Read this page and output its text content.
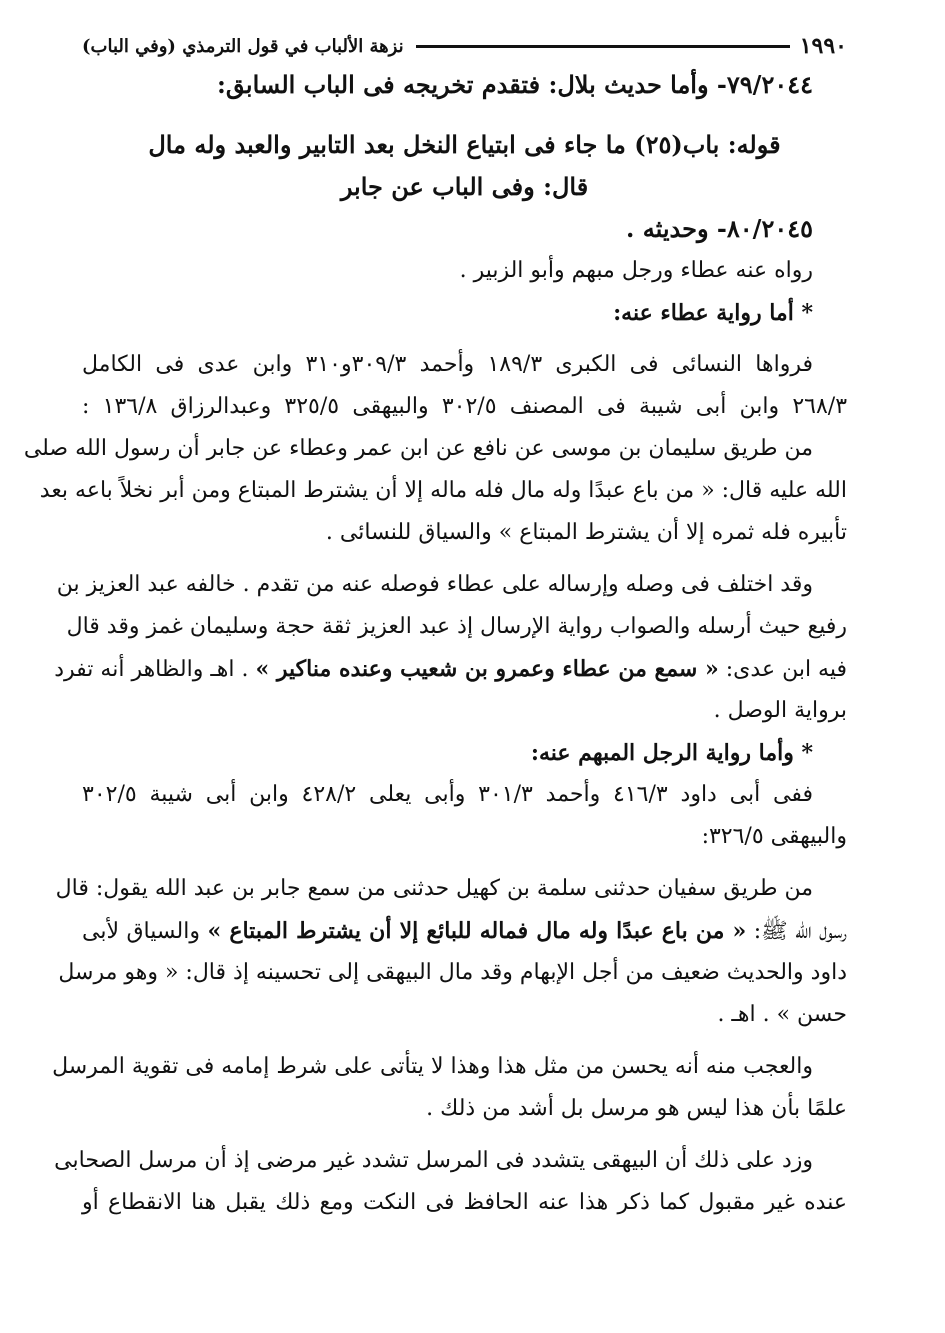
١٩٩٠
نزهة الألباب في قول الترمذي (وفي الباب)
٧٩/٢٠٤٤- وأما حديث بلال: فتقدم تخريجه فى الباب السابق:
قوله: باب(٢٥) ما جاء فى ابتياع النخل بعد التابير والعبد وله مال
قال: وفى الباب عن جابر
٨٠/٢٠٤٥- وحديثه .
رواه عنه عطاء ورجل مبهم وأبو الزبير .
* أما رواية عطاء عنه:
فرواها النسائى فى الكبرى ١٨٩/٣ وأحمد ٣٠٩/٣و٣١٠ وابن عدى فى الكامل
٢٦٨/٣ وابن أبى شيبة فى المصنف ٣٠٢/٥ والبيهقى ٣٢٥/٥ وعبدالرزاق ١٣٦/٨ :
من طريق سليمان بن موسى عن نافع عن ابن عمر وعطاء عن جابر أن رسول الله صلى
الله عليه قال: « من باع عبدًا وله مال فله ماله إلا أن يشترط المبتاع ومن أبر نخلاً باعه بعد
تأبيره فله ثمره إلا أن يشترط المبتاع » والسياق للنسائى .
وقد اختلف فى وصله وإرساله على عطاء فوصله عنه من تقدم . خالفه عبد العزيز بن
رفيع حيث أرسله والصواب رواية الإرسال إذ عبد العزيز ثقة حجة وسليمان غمز وقد قال
فيه ابن عدى: « سمع من عطاء وعمرو بن شعيب وعنده مناكير » . اهـ والظاهر أنه تفرد
برواية الوصل .
* وأما رواية الرجل المبهم عنه:
ففى أبى داود ٤١٦/٣ وأحمد ٣٠١/٣ وأبى يعلى ٤٢٨/٢ وابن أبى شيبة ٣٠٢/٥
والبيهقى ٣٢٦/٥:
من طريق سفيان حدثنى سلمة بن كهيل حدثنى من سمع جابر بن عبد الله يقول: قال
رسول الله ﷺ: « من باع عبدًا وله مال فماله للبائع إلا أن يشترط المبتاع » والسياق لأبى
داود والحديث ضعيف من أجل الإبهام وقد مال البيهقى إلى تحسينه إذ قال: « وهو مرسل
حسن » . اهـ .
والعجب منه أنه يحسن من مثل هذا وهذا لا يتأتى على شرط إمامه فى تقوية المرسل
علمًا بأن هذا ليس هو مرسل بل أشد من ذلك .
وزد على ذلك أن البيهقى يتشدد فى المرسل تشدد غير مرضى إذ أن مرسل الصحابى
عنده غير مقبول كما ذكر هذا عنه الحافظ فى النكت ومع ذلك يقبل هنا الانقطاع أو
